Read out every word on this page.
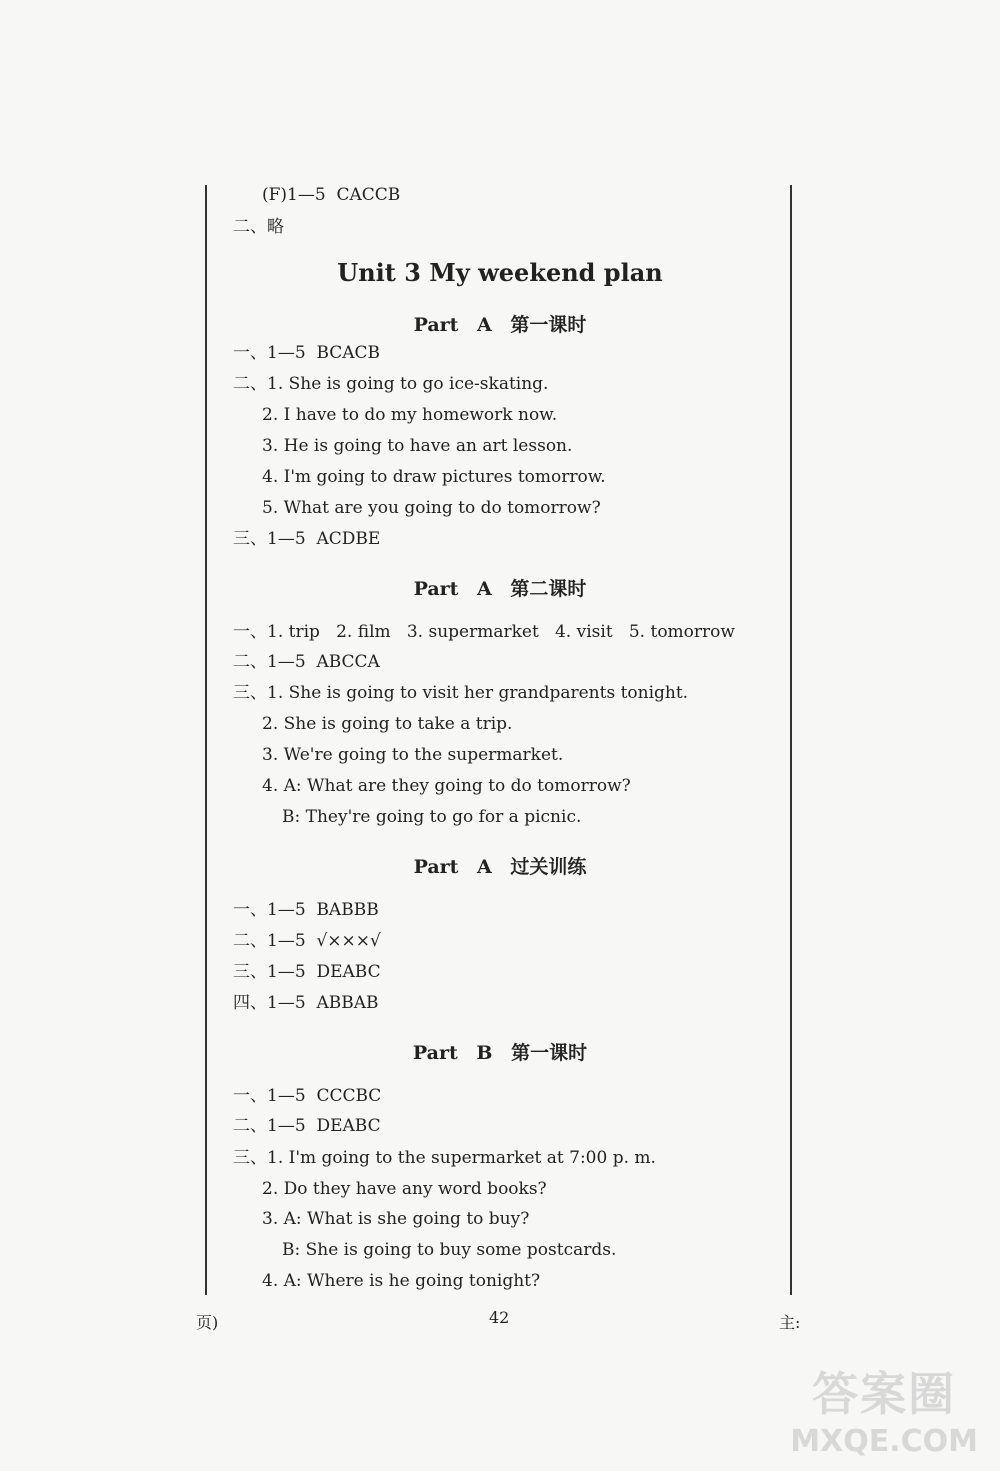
(F)1—5  CACCB
二、略
Unit 3 My weekend plan
Part A 第一课时
一、1—5  BCACB
二、1. She is going to go ice-skating.
2. I have to do my homework now.
3. He is going to have an art lesson.
4. I'm going to draw pictures tomorrow.
5. What are you going to do tomorrow?
三、1—5  ACDBE
Part A 第二课时
一、1. trip   2. film   3. supermarket   4. visit   5. tomorrow
二、1—5  ABCCA
三、1. She is going to visit her grandparents tonight.
2. She is going to take a trip.
3. We're going to the supermarket.
4. A: What are they going to do tomorrow?
B: They're going to go for a picnic.
Part A 过关训练
一、1—5  BABBB
二、1—5  √×××√
三、1—5  DEABC
四、1—5  ABBAB
Part B 第一课时
一、1—5  CCCBC
二、1—5  DEABC
三、1. I'm going to the supermarket at 7:00 p. m.
2. Do they have any word books?
3. A: What is she going to buy?
B: She is going to buy some postcards.
4. A: Where is he going tonight?
页)	42	主:
答案圈
MXQE.COM
